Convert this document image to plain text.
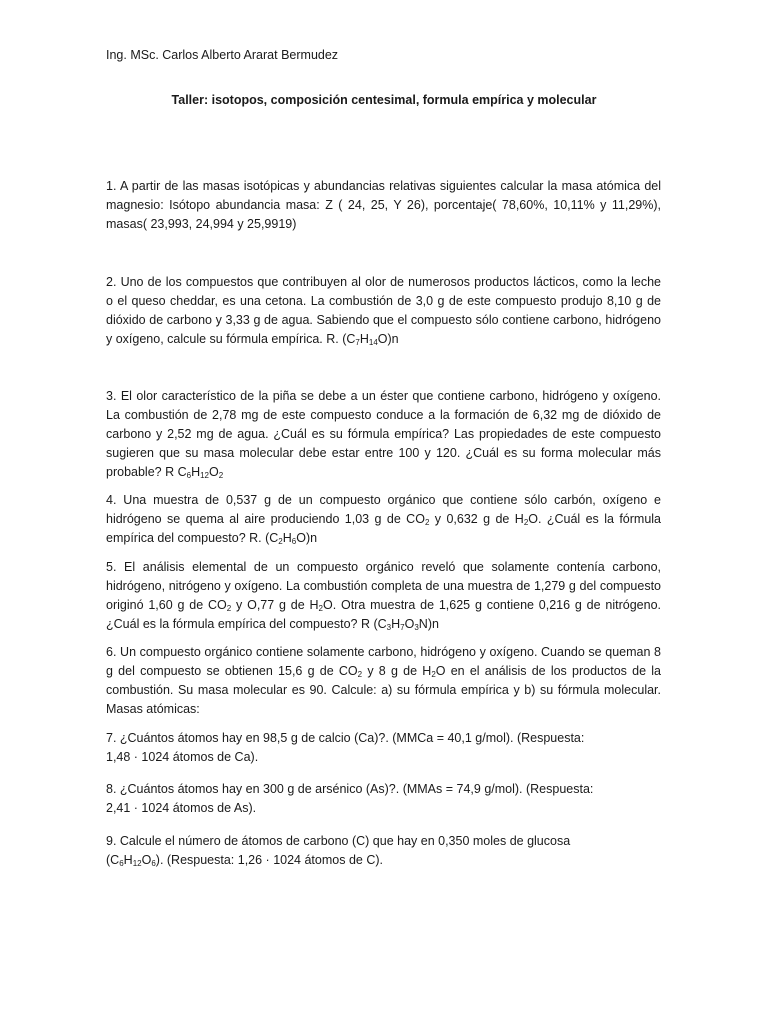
Ing. MSc. Carlos Alberto Ararat Bermudez

Taller: isotopos, composición centesimal, formula empírica y molecular

1. A partir de las masas isotópicas y abundancias relativas siguientes calcular la masa atómica del magnesio: Isótopo abundancia masa: Z ( 24, 25, Y 26), porcentaje( 78,60%, 10,11% y 11,29%), masas( 23,993, 24,994 y 25,9919)

2. Uno de los compuestos que contribuyen al olor de numerosos productos lácticos, como la leche o el queso cheddar, es una cetona. La combustión de 3,0 g de este compuesto produjo 8,10 g de dióxido de carbono y 3,33 g de agua. Sabiendo que el compuesto sólo contiene carbono, hidrógeno y oxígeno, calcule su fórmula empírica. R. $(C_7H_{14}O)n$

3. El olor característico de la piña se debe a un éster que contiene carbono, hidrógeno y oxígeno. La combustión de 2,78 mg de este compuesto conduce a la formación de 6,32 mg de dióxido de carbono y 2,52 mg de agua. ¿Cuál es su fórmula empírica? Las propiedades de este compuesto sugieren que su masa molecular debe estar entre 100 y 120. ¿Cuál es su forma molecular más probable? R $C_6H_{12}O_2$

4. Una muestra de 0,537 g de un compuesto orgánico que contiene sólo carbón, oxígeno e hidrógeno se quema al aire produciendo 1,03 g de $CO_2$ y 0,632 g de $H_2O$. ¿Cuál es la fórmula empírica del compuesto? R. $(C_2H_6O)n$

5. El análisis elemental de un compuesto orgánico reveló que solamente contenía carbono, hidrógeno, nitrógeno y oxígeno. La combustión completa de una muestra de 1,279 g del compuesto originó 1,60 g de $CO_2$ y O,77 g de $H_2O$. Otra muestra de 1,625 g contiene 0,216 g de nitrógeno. ¿Cuál es la fórmula empírica del compuesto? R $(C_3H_7O_3N)n$

6. Un compuesto orgánico contiene solamente carbono, hidrógeno y oxígeno. Cuando se queman 8 g del compuesto se obtienen 15,6 g de $CO_2$ y 8 g de $H_2O$ en el análisis de los productos de la combustión. Su masa molecular es 90. Calcule: a) su fórmula empírica y b) su fórmula molecular. Masas atómicas:

7. ¿Cuántos átomos hay en 98,5 g de calcio (Ca)?. (MMCa = 40,1 g/mol). (Respuesta:
1,48 · 1024 átomos de Ca).

8. ¿Cuántos átomos hay en 300 g de arsénico (As)?. (MMAs = 74,9 g/mol). (Respuesta:
2,41 · 1024 átomos de As).

9. Calcule el número de átomos de carbono (C) que hay en 0,350 moles de glucosa
$(C_6H_{12}O_6)$. (Respuesta: 1,26 · 1024 átomos de C).
